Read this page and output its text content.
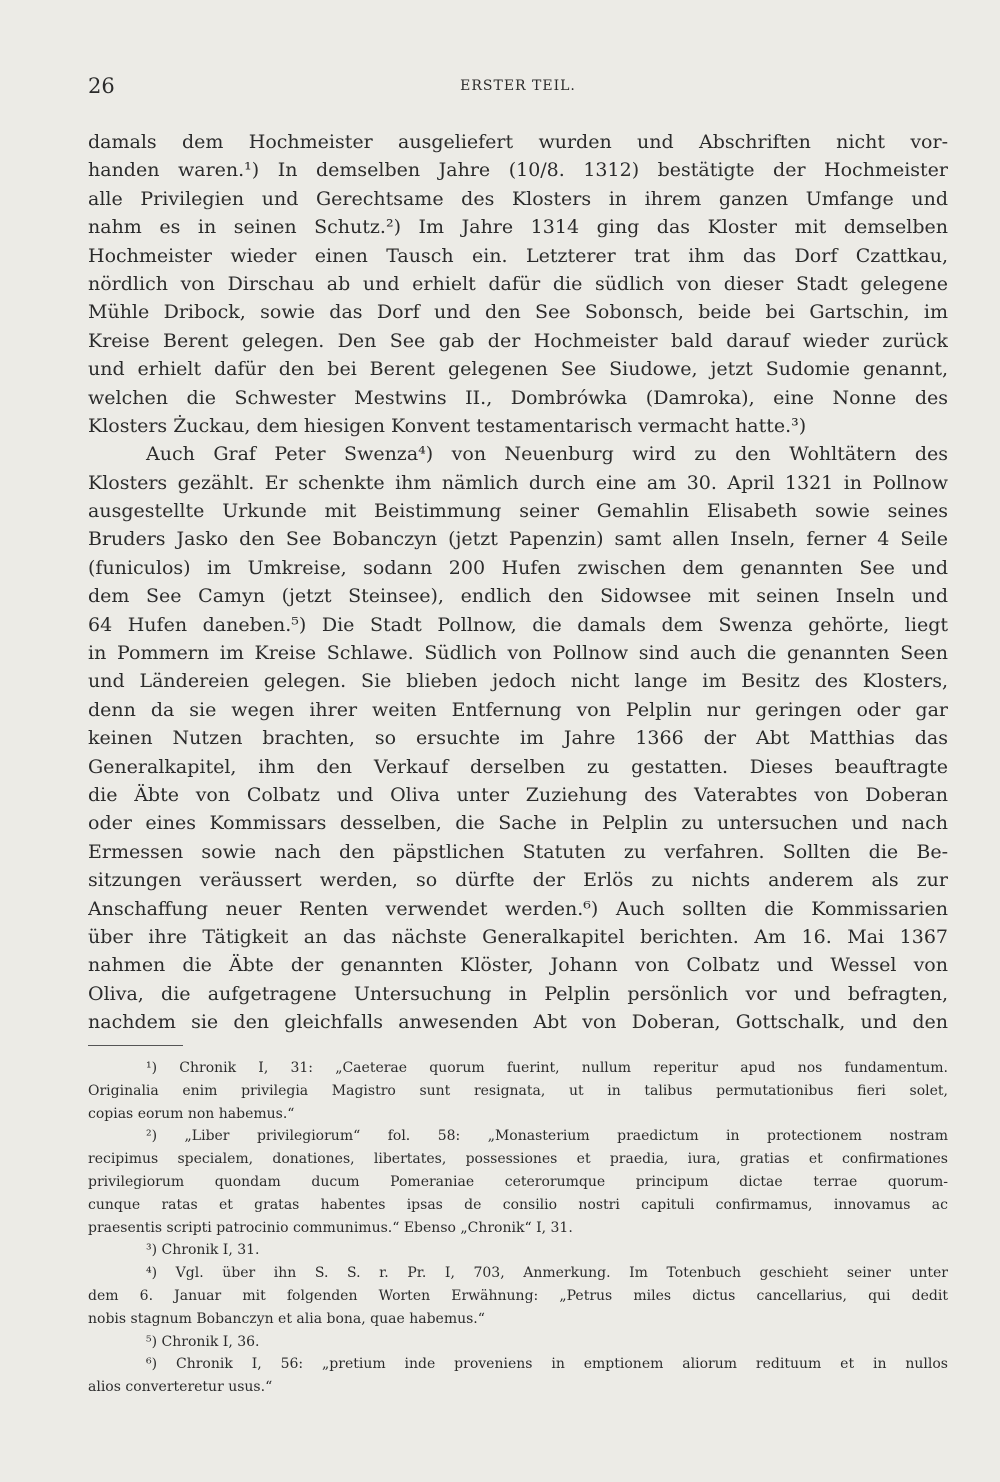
26	ERSTER TEIL.
damals dem Hochmeister ausgeliefert wurden und Abschriften nicht vor-
handen waren.¹) In demselben Jahre (10/8. 1312) bestätigte der Hochmeister
alle Privilegien und Gerechtsame des Klosters in ihrem ganzen Umfange und
nahm es in seinen Schutz.²) Im Jahre 1314 ging das Kloster mit demselben
Hochmeister wieder einen Tausch ein. Letzterer trat ihm das Dorf Czattkau,
nördlich von Dirschau ab und erhielt dafür die südlich von dieser Stadt gelegene
Mühle Dribock, sowie das Dorf und den See Sobonsch, beide bei Gartschin, im
Kreise Berent gelegen. Den See gab der Hochmeister bald darauf wieder zurück
und erhielt dafür den bei Berent gelegenen See Siudowe, jetzt Sudomie genannt,
welchen die Schwester Mestwins II., Dombrówka (Damroka), eine Nonne des
Klosters Żuckau, dem hiesigen Konvent testamentarisch vermacht hatte.³)
Auch Graf Peter Swenza⁴) von Neuenburg wird zu den Wohltätern des
Klosters gezählt. Er schenkte ihm nämlich durch eine am 30. April 1321 in Pollnow
ausgestellte Urkunde mit Beistimmung seiner Gemahlin Elisabeth sowie seines
Bruders Jasko den See Bobanczyn (jetzt Papenzin) samt allen Inseln, ferner 4 Seile
(funiculos) im Umkreise, sodann 200 Hufen zwischen dem genannten See und
dem See Camyn (jetzt Steinsee), endlich den Sidowsee mit seinen Inseln und
64 Hufen daneben.⁵) Die Stadt Pollnow, die damals dem Swenza gehörte, liegt
in Pommern im Kreise Schlawe. Südlich von Pollnow sind auch die genannten Seen
und Ländereien gelegen. Sie blieben jedoch nicht lange im Besitz des Klosters,
denn da sie wegen ihrer weiten Entfernung von Pelplin nur geringen oder gar
keinen Nutzen brachten, so ersuchte im Jahre 1366 der Abt Matthias das
Generalkapitel, ihm den Verkauf derselben zu gestatten. Dieses beauftragte
die Äbte von Colbatz und Oliva unter Zuziehung des Vaterabtes von Doberan
oder eines Kommissars desselben, die Sache in Pelplin zu untersuchen und nach
Ermessen sowie nach den päpstlichen Statuten zu verfahren. Sollten die Be-
sitzungen veräussert werden, so dürfte der Erlös zu nichts anderem als zur
Anschaffung neuer Renten verwendet werden.⁶) Auch sollten die Kommissarien
über ihre Tätigkeit an das nächste Generalkapitel berichten. Am 16. Mai 1367
nahmen die Äbte der genannten Klöster, Johann von Colbatz und Wessel von
Oliva, die aufgetragene Untersuchung in Pelplin persönlich vor und befragten,
nachdem sie den gleichfalls anwesenden Abt von Doberan, Gottschalk, und den
¹) Chronik I, 31: „Caeterae quorum fuerint, nullum reperitur apud nos fundamentum.
Originalia enim privilegia Magistro sunt resignata, ut in talibus permutationibus fieri solet,
copias eorum non habemus.“
²) „Liber privilegiorum“ fol. 58: „Monasterium praedictum in protectionem nostram
recipimus specialem, donationes, libertates, possessiones et praedia, iura, gratias et confirmationes
privilegiorum quondam ducum Pomeraniae ceterorumque principum dictae terrae quorum-
cunque ratas et gratas habentes ipsas de consilio nostri capituli confirmamus, innovamus ac
praesentis scripti patrocinio communimus.“ Ebenso „Chronik“ I, 31.
³) Chronik I, 31.
⁴) Vgl. über ihn S. S. r. Pr. I, 703, Anmerkung. Im Totenbuch geschieht seiner unter
dem 6. Januar mit folgenden Worten Erwähnung: „Petrus miles dictus cancellarius, qui dedit
nobis stagnum Bobanczyn et alia bona, quae habemus.“
⁵) Chronik I, 36.
⁶) Chronik I, 56: „pretium inde proveniens in emptionem aliorum redituum et in nullos
alios converteretur usus.“
